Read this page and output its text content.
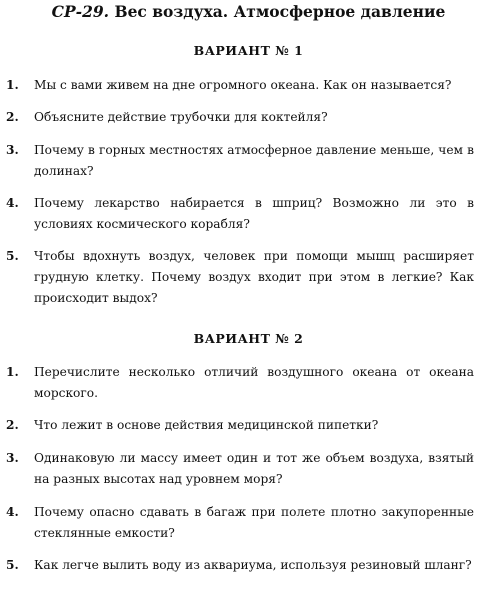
СР-29. Вес воздуха. Атмосферное давление
ВАРИАНТ № 1
1. Мы с вами живем на дне огромного океана. Как он называется?
2. Объясните действие трубочки для коктейля?
3. Почему в горных местностях атмосферное давление меньше, чем в долинах?
4. Почему лекарство набирается в шприц? Возможно ли это в условиях космического корабля?
5. Чтобы вдохнуть воздух, человек при помощи мышц расширяет грудную клетку. Почему воздух входит при этом в легкие? Как происходит выдох?
ВАРИАНТ № 2
1. Перечислите несколько отличий воздушного океана от океана морского.
2. Что лежит в основе действия медицинской пипетки?
3. Одинаковую ли массу имеет один и тот же объем воздуха, взятый на разных высотах над уровнем моря?
4. Почему опасно сдавать в багаж при полете плотно закупоренные стеклянные емкости?
5. Как легче вылить воду из аквариума, используя резиновый шланг?
